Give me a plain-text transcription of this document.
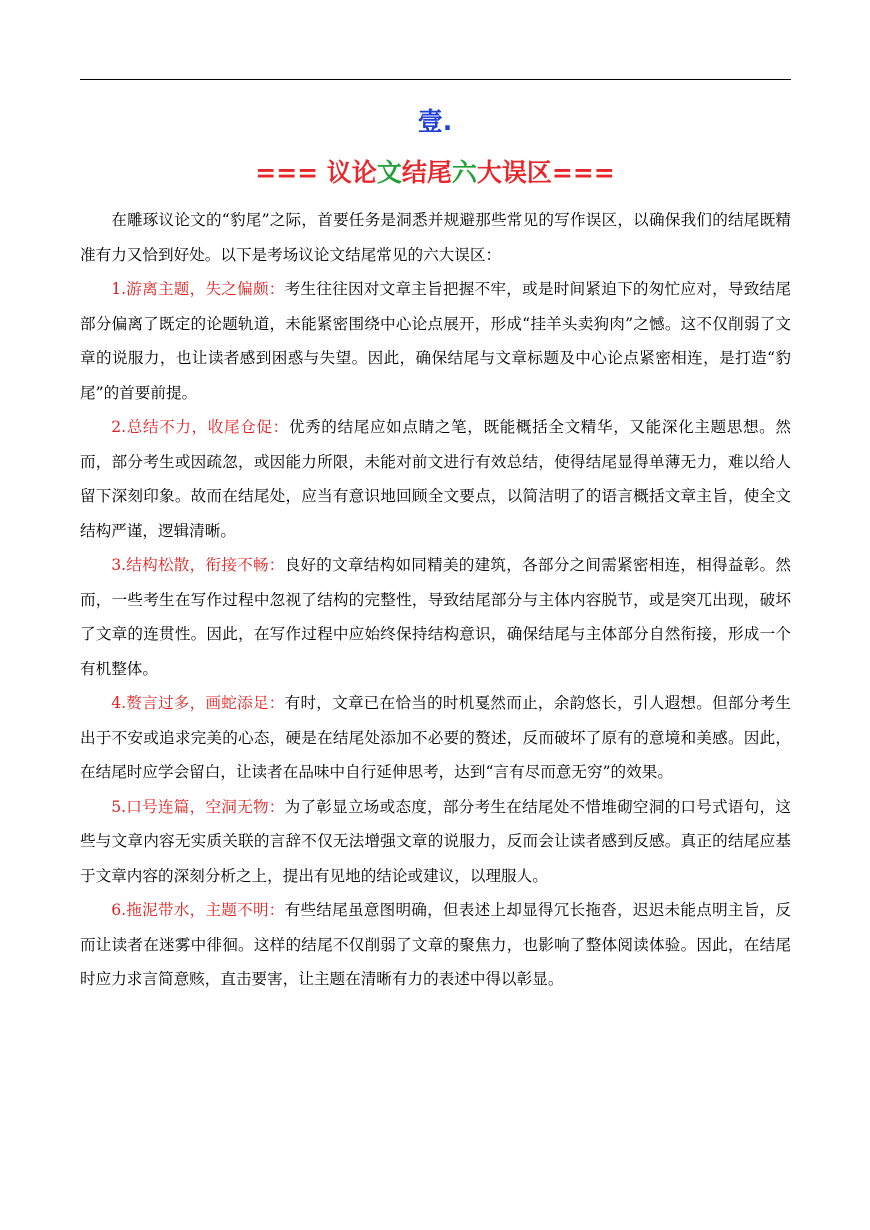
壹.
=== 议论文结尾六大误区===

在雕琢议论文的“豹尾”之际，首要任务是洞悉并规避那些常见的写作误区，以确保我们的结尾既精准有力又恰到好处。以下是考场议论文结尾常见的六大误区：

1.游离主题，失之偏颇：考生往往因对文章主旨把握不牢，或是时间紧迫下的匆忙应对，导致结尾部分偏离了既定的论题轨道，未能紧密围绕中心论点展开，形成“挂羊头卖狗肉”之憾。这不仅削弱了文章的说服力，也让读者感到困惑与失望。因此，确保结尾与文章标题及中心论点紧密相连，是打造“豹尾”的首要前提。

2.总结不力，收尾仓促：优秀的结尾应如点睛之笔，既能概括全文精华，又能深化主题思想。然而，部分考生或因疏忽，或因能力所限，未能对前文进行有效总结，使得结尾显得单薄无力，难以给人留下深刻印象。故而在结尾处，应当有意识地回顾全文要点，以简洁明了的语言概括文章主旨，使全文结构严谨，逻辑清晰。

3.结构松散，衔接不畅：良好的文章结构如同精美的建筑，各部分之间需紧密相连，相得益彰。然而，一些考生在写作过程中忽视了结构的完整性，导致结尾部分与主体内容脱节，或是突兀出现，破坏了文章的连贯性。因此，在写作过程中应始终保持结构意识，确保结尾与主体部分自然衔接，形成一个有机整体。

4.赘言过多，画蛇添足：有时，文章已在恰当的时机戛然而止，余韵悠长，引人遐想。但部分考生出于不安或追求完美的心态，硬是在结尾处添加不必要的赘述，反而破坏了原有的意境和美感。因此，在结尾时应学会留白，让读者在品味中自行延伸思考，达到“言有尽而意无穷”的效果。

5.口号连篇，空洞无物：为了彰显立场或态度，部分考生在结尾处不惜堆砌空洞的口号式语句，这些与文章内容无实质关联的言辞不仅无法增强文章的说服力，反而会让读者感到反感。真正的结尾应基于文章内容的深刻分析之上，提出有见地的结论或建议，以理服人。

6.拖泥带水，主题不明：有些结尾虽意图明确，但表述上却显得冗长拖沓，迟迟未能点明主旨，反而让读者在迷雾中徘徊。这样的结尾不仅削弱了文章的聚焦力，也影响了整体阅读体验。因此，在结尾时应力求言简意赅，直击要害，让主题在清晰有力的表述中得以彰显。
